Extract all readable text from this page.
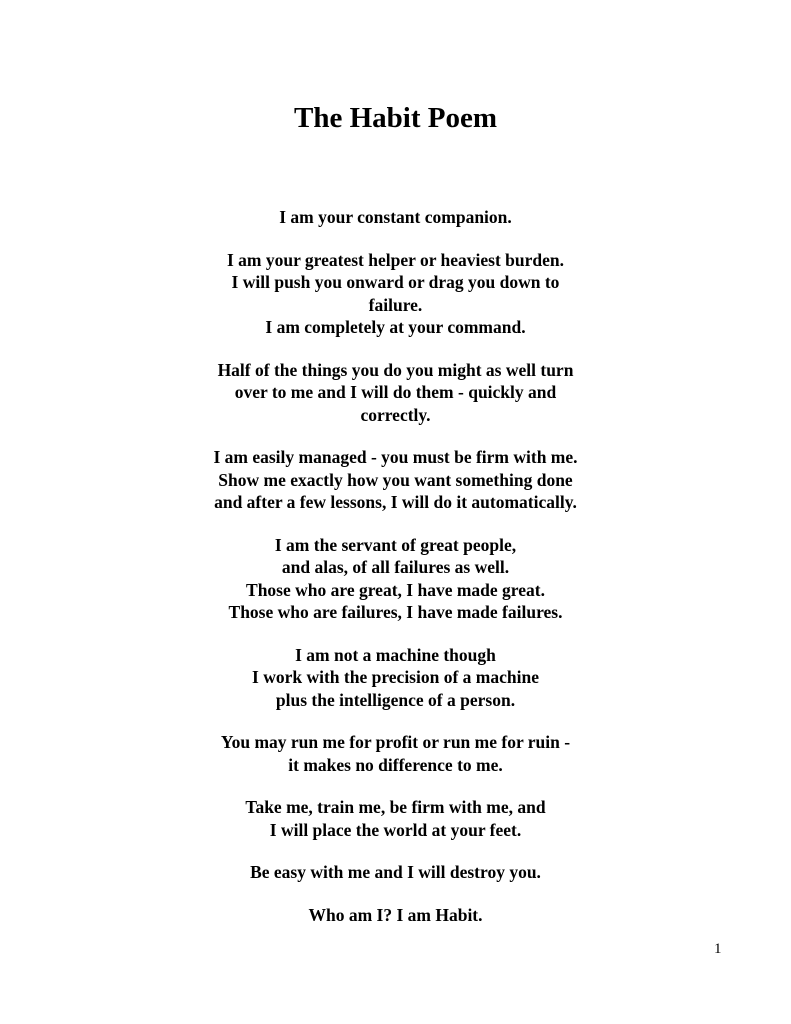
The Habit Poem

I am your constant companion.

I am your greatest helper or heaviest burden.
I will push you onward or drag you down to
failure.
I am completely at your command.

Half of the things you do you might as well turn
over to me and I will do them - quickly and
correctly.

I am easily managed - you must be firm with me.
Show me exactly how you want something done
and after a few lessons, I will do it automatically.

I am the servant of great people,
and alas, of all failures as well.
Those who are great, I have made great.
Those who are failures, I have made failures.

I am not a machine though
I work with the precision of a machine
plus the intelligence of a person.

You may run me for profit or run me for ruin -
it makes no difference to me.

Take me, train me, be firm with me, and
I will place the world at your feet.

Be easy with me and I will destroy you.

Who am I? I am Habit.

1
